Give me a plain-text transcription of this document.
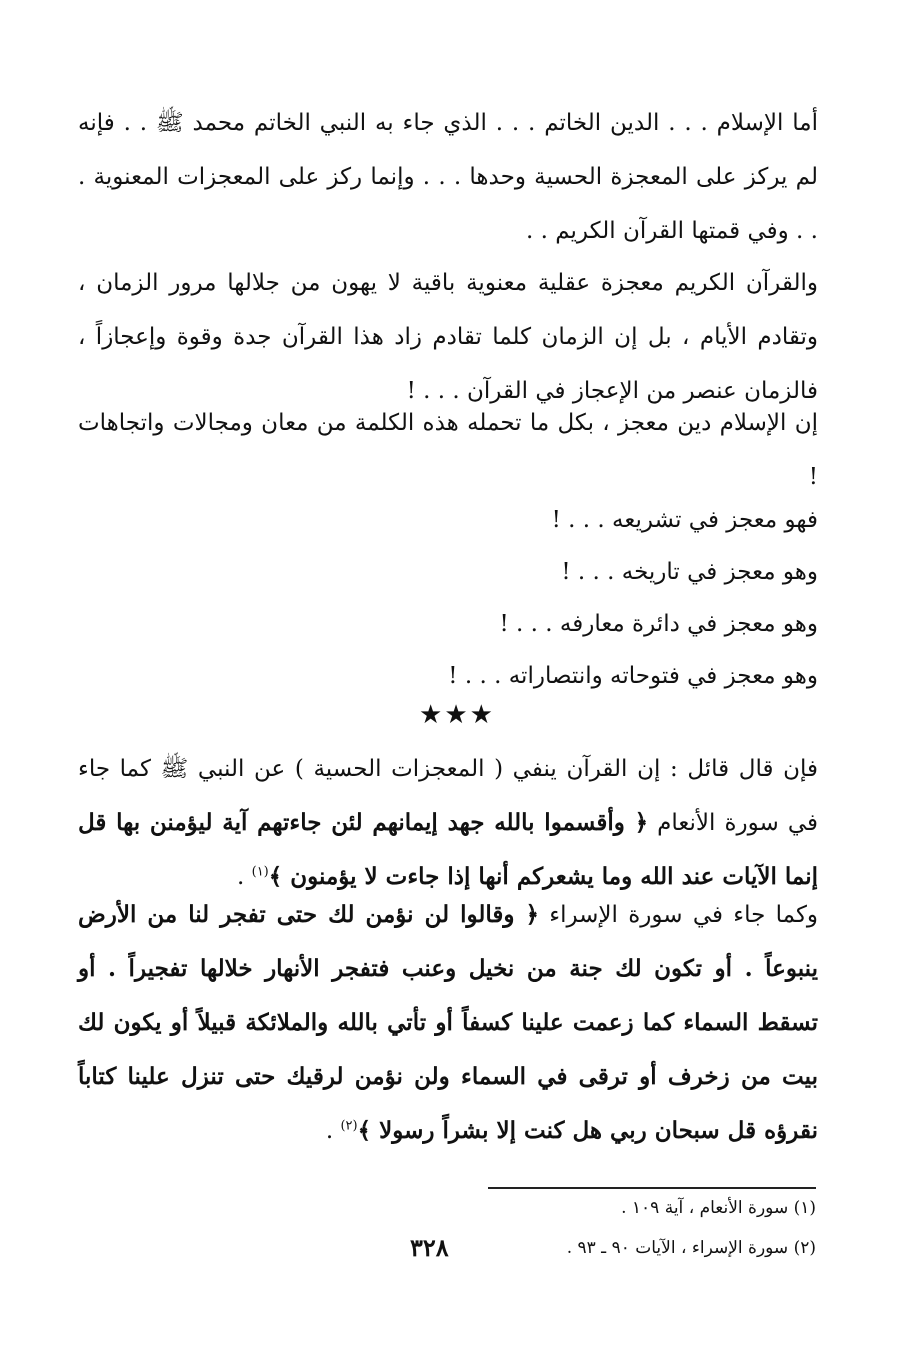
أما الإسلام . . . الدين الخاتم . . . الذي جاء به النبي الخاتم محمد ﷺ . . فإنه لم يركز على المعجزة الحسية وحدها . . . وإنما ركز على المعجزات المعنوية . . . وفي قمتها القرآن الكريم . .

والقرآن الكريم معجزة عقلية معنوية باقية لا يهون من جلالها مرور الزمان ، وتقادم الأيام ، بل إن الزمان كلما تقادم زاد هذا القرآن جدة وقوة وإعجازاً ، فالزمان عنصر من الإعجاز في القرآن . . . !

إن الإسلام دين معجز ، بكل ما تحمله هذه الكلمة من معان ومجالات واتجاهات !

فهو معجز في تشريعه . . . !

وهو معجز في تاريخه . . . !

وهو معجز في دائرة معارفه . . . !

وهو معجز في فتوحاته وانتصاراته . . . !

★★★

فإن قال قائل : إن القرآن ينفي ( المعجزات الحسية ) عن النبي ﷺ كما جاء في سورة الأنعام ﴿ وأقسموا بالله جهد إيمانهم لئن جاءتهم آية ليؤمنن بها قل إنما الآيات عند الله وما يشعركم أنها إذا جاءت لا يؤمنون ﴾$^{(١)}$ .

وكما جاء في سورة الإسراء ﴿ وقالوا لن نؤمن لك حتى تفجر لنا من الأرض ينبوعاً . أو تكون لك جنة من نخيل وعنب فتفجر الأنهار خلالها تفجيراً . أو تسقط السماء كما زعمت علينا كسفاً أو تأتي بالله والملائكة قبيلاً أو يكون لك بيت من زخرف أو ترقى في السماء ولن نؤمن لرقيك حتى تنزل علينا كتاباً نقرؤه قل سبحان ربي هل كنت إلا بشراً رسولا ﴾$^{(٢)}$ .

(١) سورة الأنعام ، آية ١٠٩ .
(٢) سورة الإسراء ، الآيات ٩٠ ـ ٩٣ .
٣٢٨
